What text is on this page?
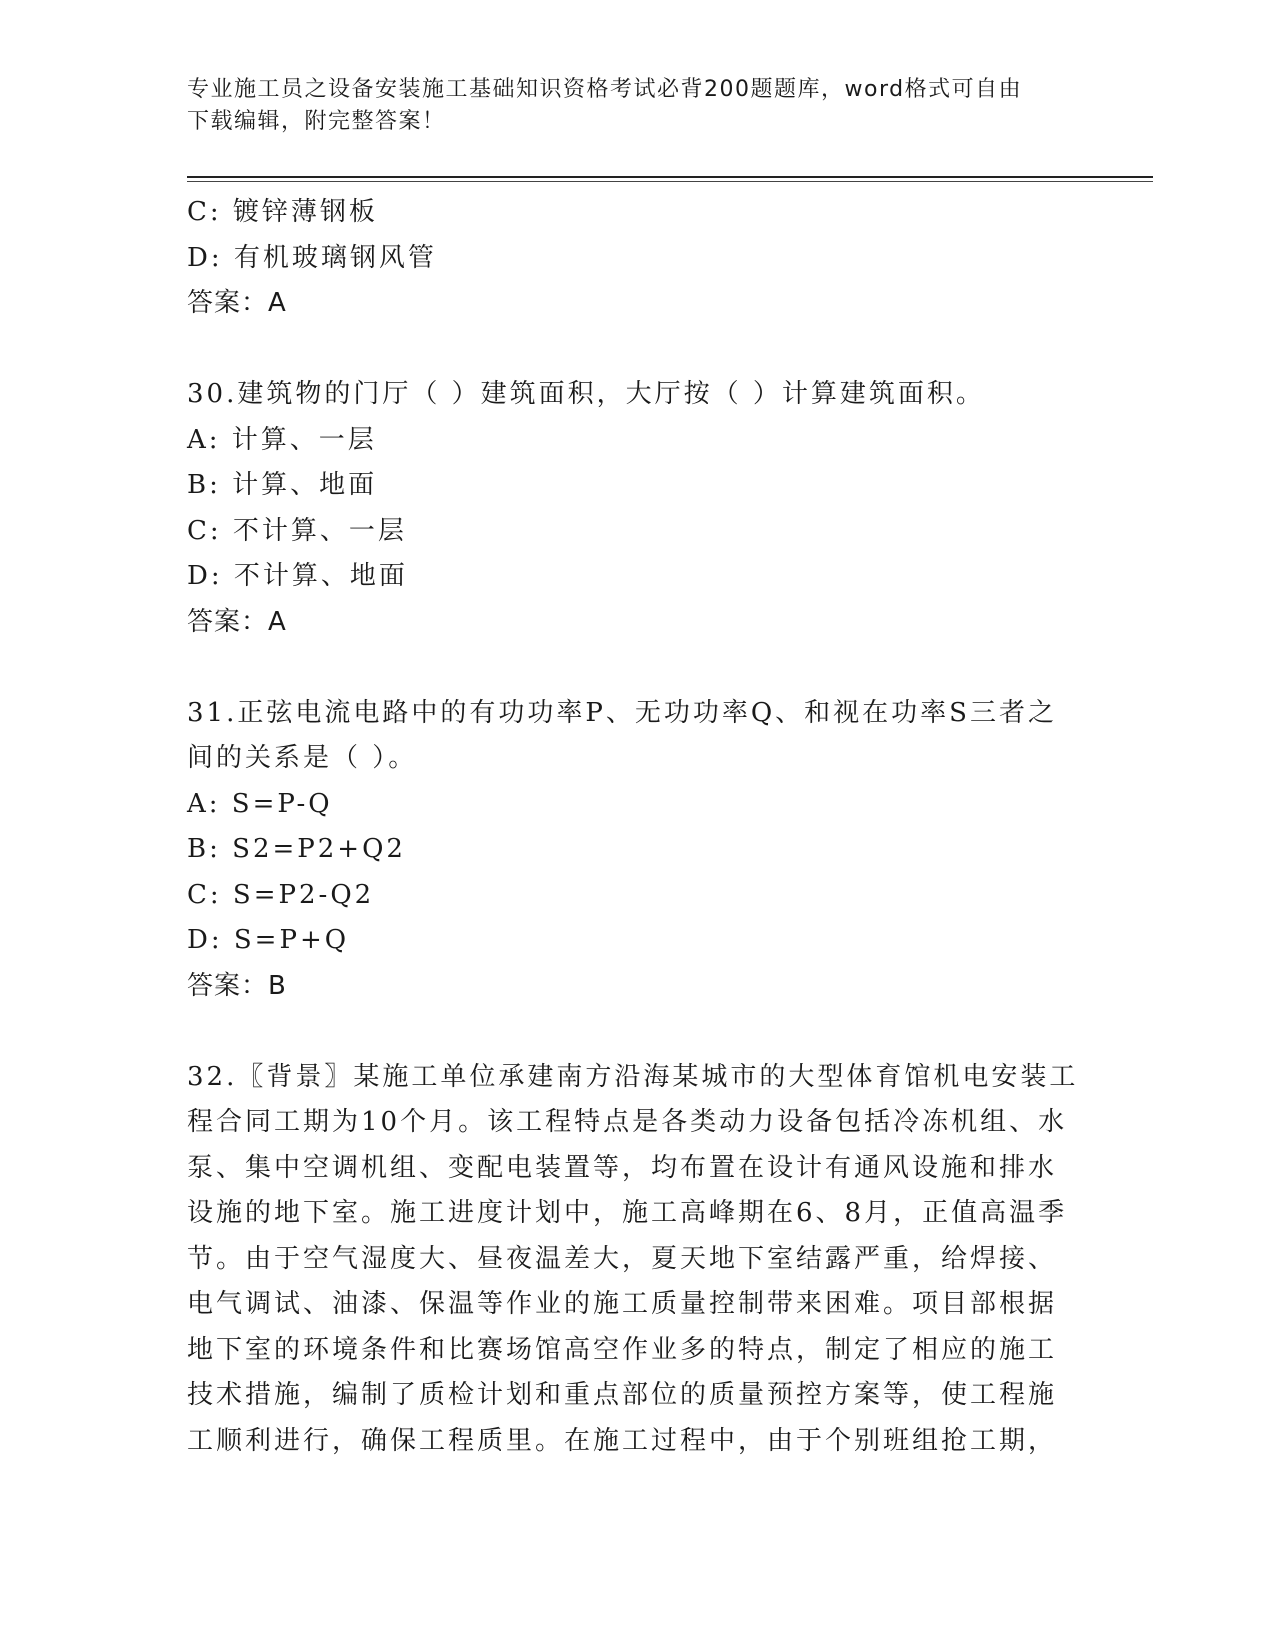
专业施工员之设备安装施工基础知识资格考试必背200题题库，word格式可自由
下载编辑，附完整答案！
C: 镀锌薄钢板
D: 有机玻璃钢风管
答案：A
30.建筑物的门厅（ ）建筑面积，大厅按（ ）计算建筑面积。
A: 计算、一层
B: 计算、地面
C: 不计算、一层
D: 不计算、地面
答案：A
31.正弦电流电路中的有功功率P、无功功率Q、和视在功率S三者之
间的关系是（ ）。
A: S=P-Q
B: S2=P2+Q2
C: S=P2-Q2
D: S=P+Q
答案：B
32.〖背景〗某施工单位承建南方沿海某城市的大型体育馆机电安装工
程合同工期为10个月。该工程特点是各类动力设备包括冷冻机组、水
泵、集中空调机组、变配电装置等，均布置在设计有通风设施和排水
设施的地下室。施工进度计划中，施工高峰期在6、8月，正值高温季
节。由于空气湿度大、昼夜温差大，夏天地下室结露严重，给焊接、
电气调试、油漆、保温等作业的施工质量控制带来困难。项目部根据
地下室的环境条件和比赛场馆高空作业多的特点，制定了相应的施工
技术措施，编制了质检计划和重点部位的质量预控方案等，使工程施
工顺利进行，确保工程质里。在施工过程中，由于个别班组抢工期，
